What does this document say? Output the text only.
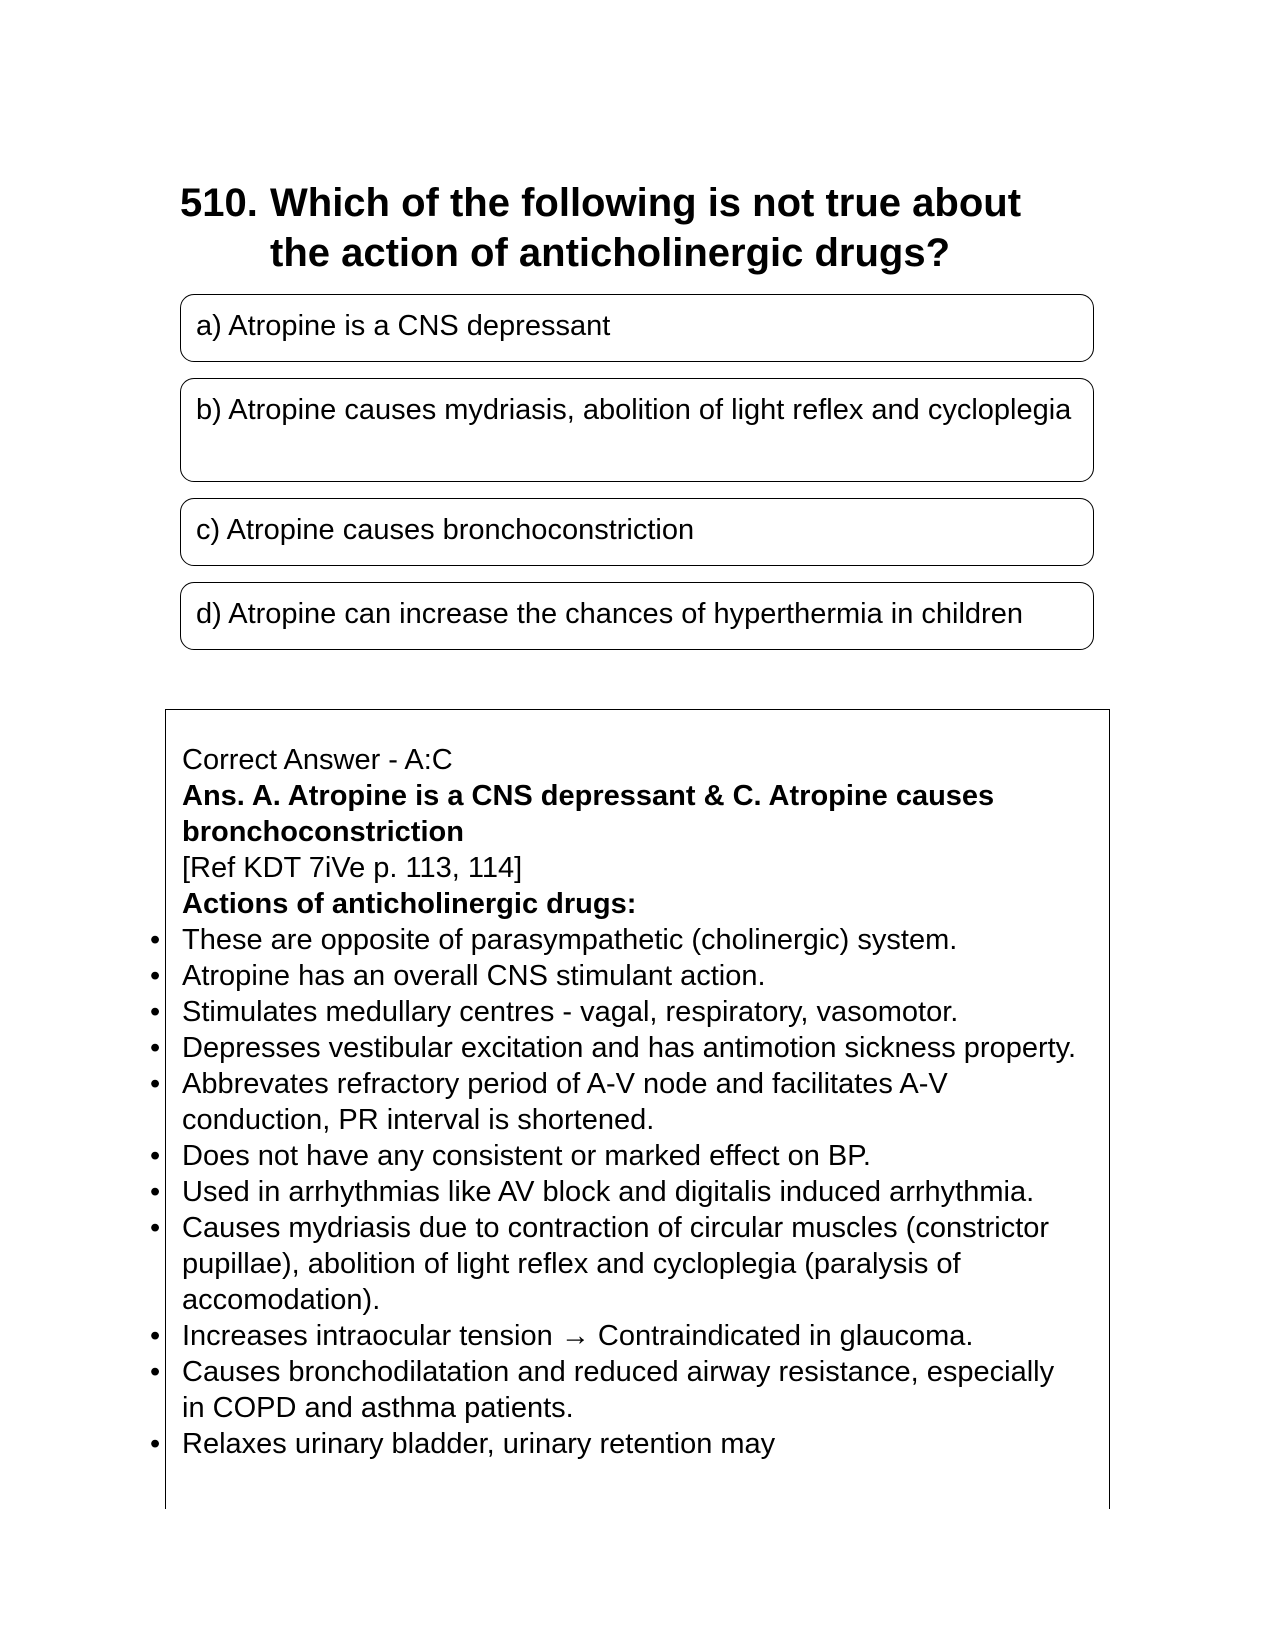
510. Which of the following is not true about the action of anticholinergic drugs?
a) Atropine is a CNS depressant
b) Atropine causes mydriasis, abolition of light reflex and cycloplegia
c) Atropine causes bronchoconstriction
d) Atropine can increase the chances of hyperthermia in children

Correct Answer - A:C

Ans. A. Atropine is a CNS depressant & C. Atropine causes bronchoconstriction

[Ref KDT 7iVe p. 113, 114]

Actions of anticholinergic drugs:

• These are opposite of parasympathetic (cholinergic) system.
• Atropine has an overall CNS stimulant action.
• Stimulates medullary centres - vagal, respiratory, vasomotor.
• Depresses vestibular excitation and has antimotion sickness property.
• Abbrevates refractory period of A-V node and facilitates A-V conduction, PR interval is shortened.
• Does not have any consistent or marked effect on BP.
• Used in arrhythmias like AV block and digitalis induced arrhythmia.
• Causes mydriasis due to contraction of circular muscles (constrictor pupillae), abolition of light reflex and cycloplegia (paralysis of accomodation).
• Increases intraocular tension → Contraindicated in glaucoma.
• Causes bronchodilatation and reduced airway resistance, especially in COPD and asthma patients.
• Relaxes urinary bladder, urinary retention may
